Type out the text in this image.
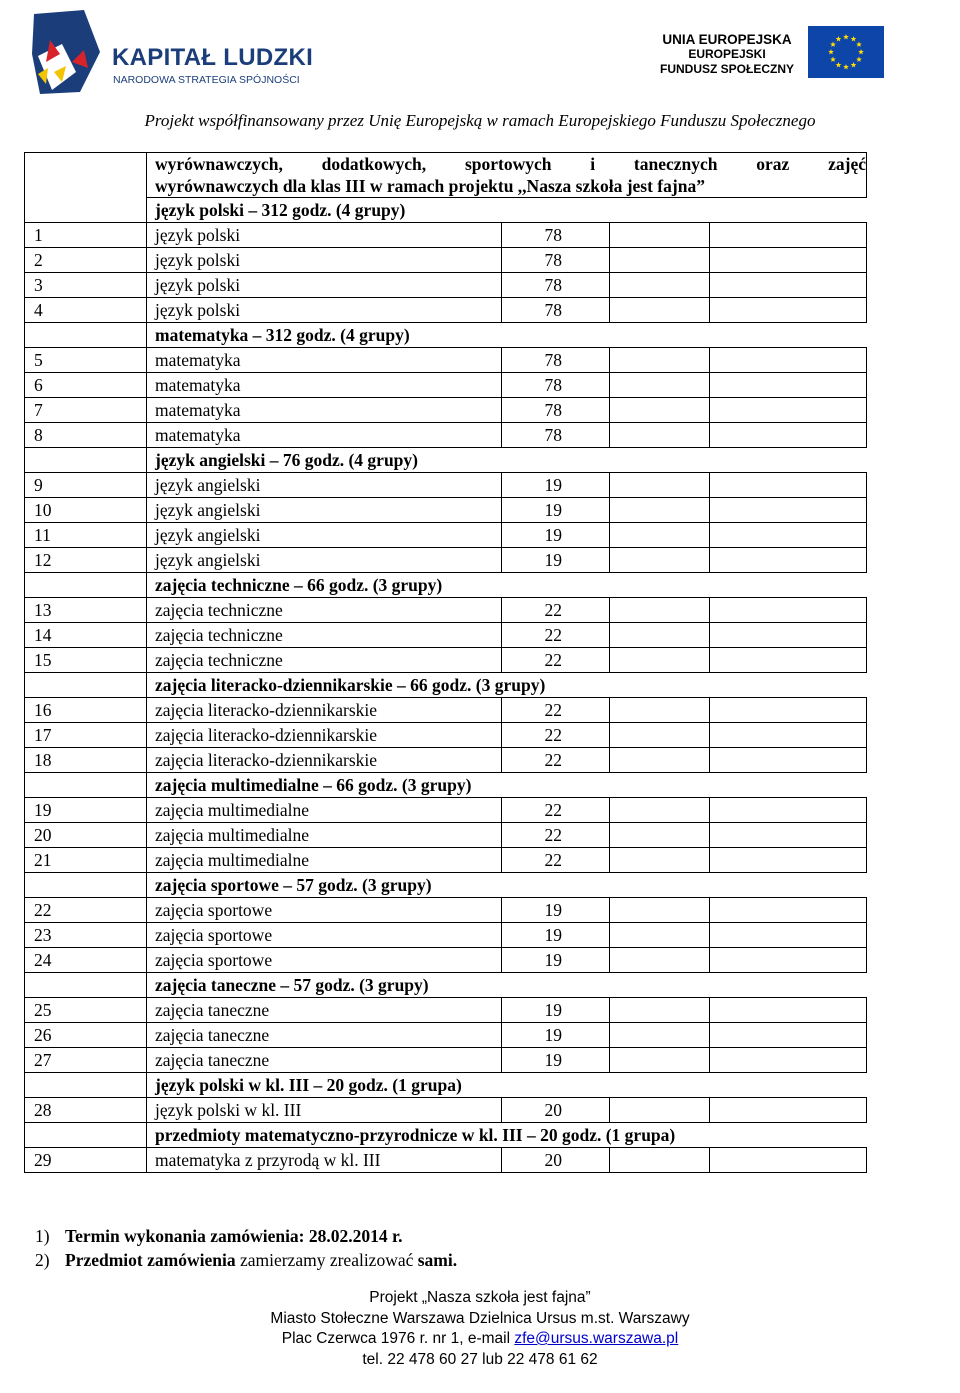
KAPITAŁ LUDZKI
NARODOWA STRATEGIA SPÓJNOŚCI
UNIA EUROPEJSKA
EUROPEJSKI
FUNDUSZ SPOŁECZNY
Projekt współfinansowany przez Unię Europejską w ramach Europejskiego Funduszu Społecznego

	wyrównawczych, dodatkowych, sportowych i tanecznych oraz zajęć
wyrównawczych dla klas III w ramach projektu ,,Nasza szkoła jest fajna”			

	język polski – 312 godz. (4 grupy)			
1	język polski	78		
2	język polski	78		
3	język polski	78		
4	język polski	78		
	matematyka – 312 godz. (4 grupy)			
5	matematyka	78		
6	matematyka	78		
7	matematyka	78		
8	matematyka	78		
	język angielski – 76 godz. (4 grupy)			
9	język angielski	19		
10	język angielski	19		
11	język angielski	19		
12	język angielski	19		
	zajęcia techniczne – 66 godz. (3 grupy)			
13	zajęcia techniczne	22		
14	zajęcia techniczne	22		
15	zajęcia techniczne	22		
	zajęcia literacko-dziennikarskie – 66 godz. (3 grupy)			
16	zajęcia literacko-dziennikarskie	22		
17	zajęcia literacko-dziennikarskie	22		
18	zajęcia literacko-dziennikarskie	22		
	zajęcia multimedialne – 66 godz. (3 grupy)			
19	zajęcia multimedialne	22		
20	zajęcia multimedialne	22		
21	zajęcia multimedialne	22		
	zajęcia sportowe – 57 godz. (3 grupy)			
22	zajęcia sportowe	19		
23	zajęcia sportowe	19		
24	zajęcia sportowe	19		
	zajęcia taneczne – 57 godz. (3 grupy)			
25	zajęcia taneczne	19		
26	zajęcia taneczne	19		
27	zajęcia taneczne	19		
	język polski w kl. III – 20 godz. (1 grupa)			
28	język polski w kl. III	20		
	przedmioty matematyczno-przyrodnicze w kl. III – 20 godz. (1 grupa)			
29	matematyka z przyrodą w kl. III	20		
1) Termin wykonania zamówienia: 28.02.2014 r.
2) Przedmiot zamówienia zamierzamy zrealizować sami.
Projekt „Nasza szkoła jest fajna”
Miasto Stołeczne Warszawa Dzielnica Ursus m.st. Warszawy
Plac Czerwca 1976 r. nr 1, e-mail zfe@ursus.warszawa.pl
tel. 22 478 60 27 lub 22 478 61 62
